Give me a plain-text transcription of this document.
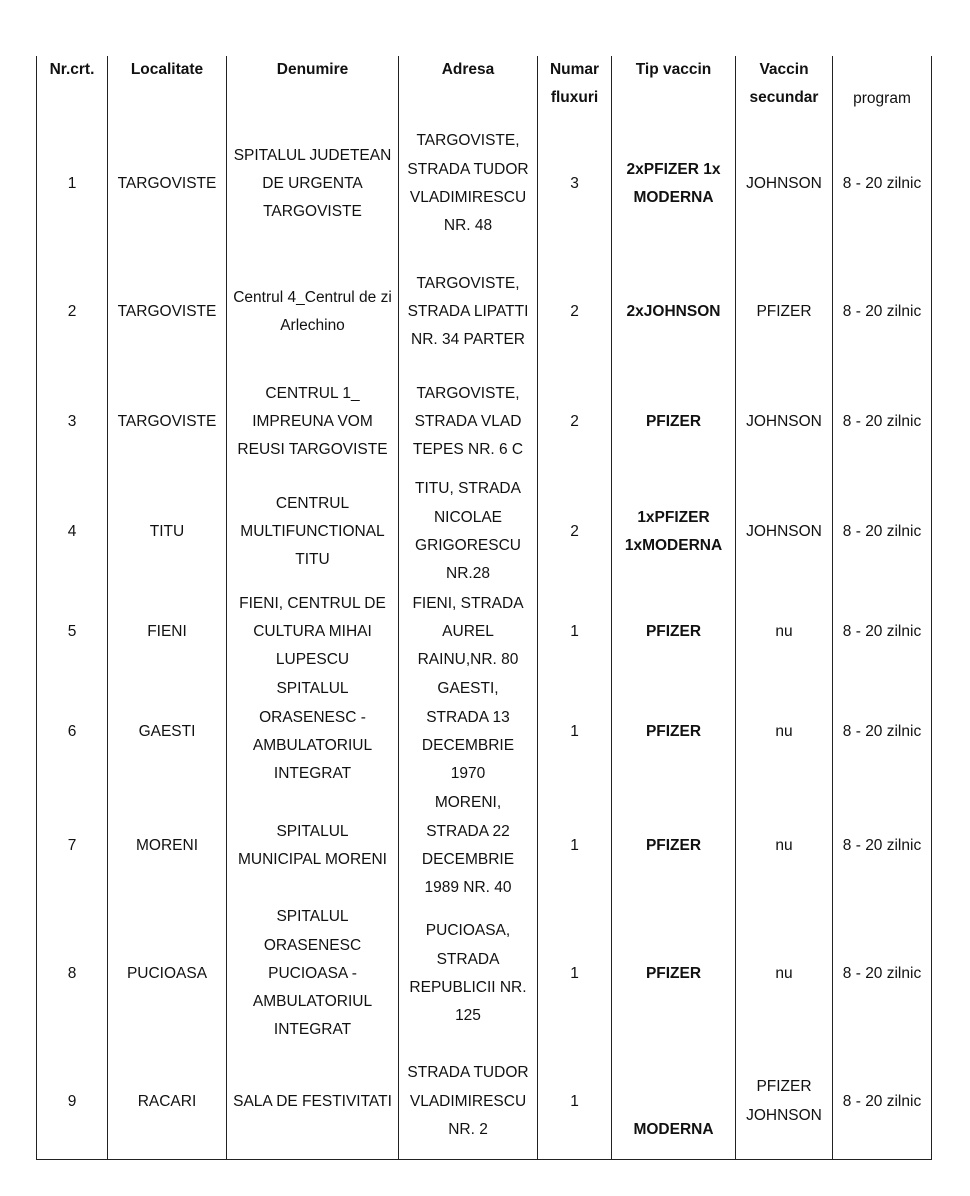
Nr.crt.	Localitate	Denumire	Adresa	Numar fluxuri	Tip vaccin	Vaccin secundar	program
1	TARGOVISTE	SPITALUL JUDETEAN DE URGENTA TARGOVISTE	TARGOVISTE, STRADA TUDOR VLADIMIRESCU NR. 48	3	2xPFIZER 1x MODERNA	JOHNSON	8 - 20 zilnic
2	TARGOVISTE	Centrul 4_Centrul de zi Arlechino	TARGOVISTE, STRADA LIPATTI NR. 34 PARTER	2	2xJOHNSON	PFIZER	8 - 20 zilnic
3	TARGOVISTE	CENTRUL 1_ IMPREUNA VOM REUSI TARGOVISTE	TARGOVISTE, STRADA VLAD TEPES NR. 6 C	2	PFIZER	JOHNSON	8 - 20 zilnic
4	TITU	CENTRUL MULTIFUNCTIONAL TITU	TITU, STRADA NICOLAE GRIGORESCU NR.28	2	1xPFIZER 1xMODERNA	JOHNSON	8 - 20 zilnic
5	FIENI	FIENI, CENTRUL DE CULTURA MIHAI LUPESCU	FIENI, STRADA AUREL RAINU,NR. 80	1	PFIZER	nu	8 - 20 zilnic
6	GAESTI	SPITALUL ORASENESC - AMBULATORIUL INTEGRAT	GAESTI, STRADA 13 DECEMBRIE 1970	1	PFIZER	nu	8 - 20 zilnic
7	MORENI	SPITALUL MUNICIPAL MORENI	MORENI, STRADA 22 DECEMBRIE 1989 NR. 40	1	PFIZER	nu	8 - 20 zilnic
8	PUCIOASA	SPITALUL ORASENESC PUCIOASA - AMBULATORIUL INTEGRAT	PUCIOASA, STRADA REPUBLICII NR. 125	1	PFIZER	nu	8 - 20 zilnic
9	RACARI	SALA DE FESTIVITATI	STRADA TUDOR VLADIMIRESCU NR. 2	1	MODERNA	PFIZER JOHNSON	8 - 20 zilnic
